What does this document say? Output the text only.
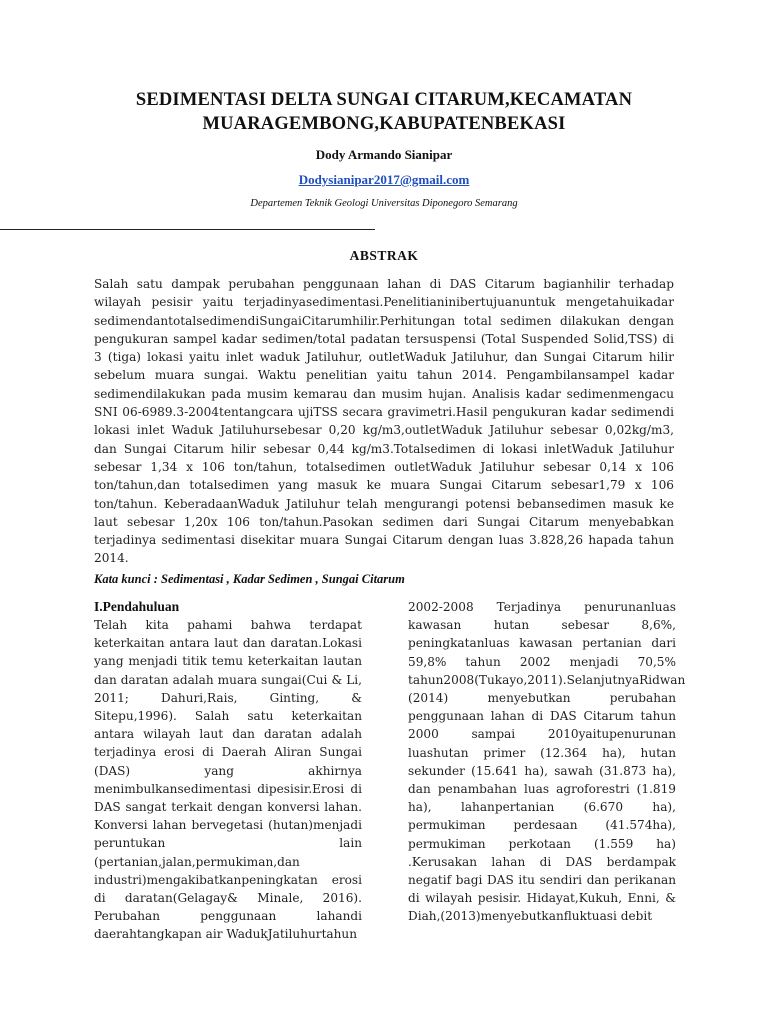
SEDIMENTASI DELTA SUNGAI CITARUM,KECAMATAN
MUARAGEMBONG,KABUPATENBEKASI
Dody Armando Sianipar
Dodysianipar2017@gmail.com
Departemen Teknik Geologi Universitas Diponegoro Semarang
ABSTRAK
Salah satu dampak perubahan penggunaan lahan di DAS Citarum bagianhilir terhadap wilayah pesisir yaitu terjadinyasedimentasi.Penelitianinibertujuanuntuk mengetahuikadar sedimendantotalsedimendiSungaiCitarumhilir.Perhitungan total sedimen dilakukan dengan pengukuran sampel kadar sedimen/total padatan tersuspensi (Total Suspended Solid,TSS) di 3 (tiga) lokasi yaitu inlet waduk Jatiluhur, outletWaduk Jatiluhur, dan Sungai Citarum hilir sebelum muara sungai. Waktu penelitian yaitu tahun 2014. Pengambilansampel kadar sedimendilakukan pada musim kemarau dan musim hujan. Analisis kadar sedimenmengacu SNI 06-6989.3-2004tentangcara ujiTSS secara gravimetri.Hasil pengukuran kadar sedimendi lokasi inlet Waduk Jatiluhursebesar 0,20 kg/m3,outletWaduk Jatiluhur sebesar 0,02kg/m3, dan Sungai Citarum hilir sebesar 0,44 kg/m3.Totalsedimen di lokasi inletWaduk Jatiluhur sebesar 1,34 x 106 ton/tahun, totalsedimen outletWaduk Jatiluhur sebesar 0,14 x 106 ton/tahun,dan totalsedimen yang masuk ke muara Sungai Citarum sebesar1,79 x 106 ton/tahun. KeberadaanWaduk Jatiluhur telah mengurangi potensi bebansedimen masuk ke laut sebesar 1,20x 106 ton/tahun.Pasokan sedimen dari Sungai Citarum menyebabkan terjadinya sedimentasi disekitar muara Sungai Citarum dengan luas 3.828,26 hapada tahun 2014.
Kata kunci : Sedimentasi , Kadar Sedimen , Sungai Citarum
I.Pendahuluan
Telah kita pahami bahwa terdapat keterkaitan antara laut dan daratan.Lokasi yang menjadi titik temu keterkaitan lautan dan daratan adalah muara sungai(Cui & Li, 2011; Dahuri,Rais, Ginting, & Sitepu,1996). Salah satu keterkaitan antara wilayah laut dan daratan adalah terjadinya erosi di Daerah Aliran Sungai (DAS) yang akhirnya menimbulkansedimentasi dipesisir.Erosi di DAS sangat terkait dengan konversi lahan. Konversi lahan bervegetasi (hutan)menjadi peruntukan lain (pertanian,jalan,permukiman,dan industri)mengakibatkanpeningkatan erosi di daratan(Gelagay& Minale, 2016). Perubahan penggunaan lahandi daerahtangkapan air WadukJatiluhurtahun
2002-2008 Terjadinya penurunanluas kawasan hutan sebesar 8,6%, peningkatanluas kawasan pertanian dari 59,8% tahun 2002 menjadi 70,5% tahun2008(Tukayo,2011).SelanjutnyaRidwan (2014) menyebutkan perubahan penggunaan lahan di DAS Citarum tahun 2000 sampai 2010yaitupenurunan luashutan primer (12.364 ha), hutan sekunder (15.641 ha), sawah (31.873 ha), dan penambahan luas agroforestri (1.819 ha), lahanpertanian (6.670 ha), permukiman perdesaan (41.574ha), permukiman perkotaan (1.559 ha) .Kerusakan lahan di DAS berdampak negatif bagi DAS itu sendiri dan perikanan di wilayah pesisir. Hidayat,Kukuh, Enni, & Diah,(2013)menyebutkanfluktuasi debit
